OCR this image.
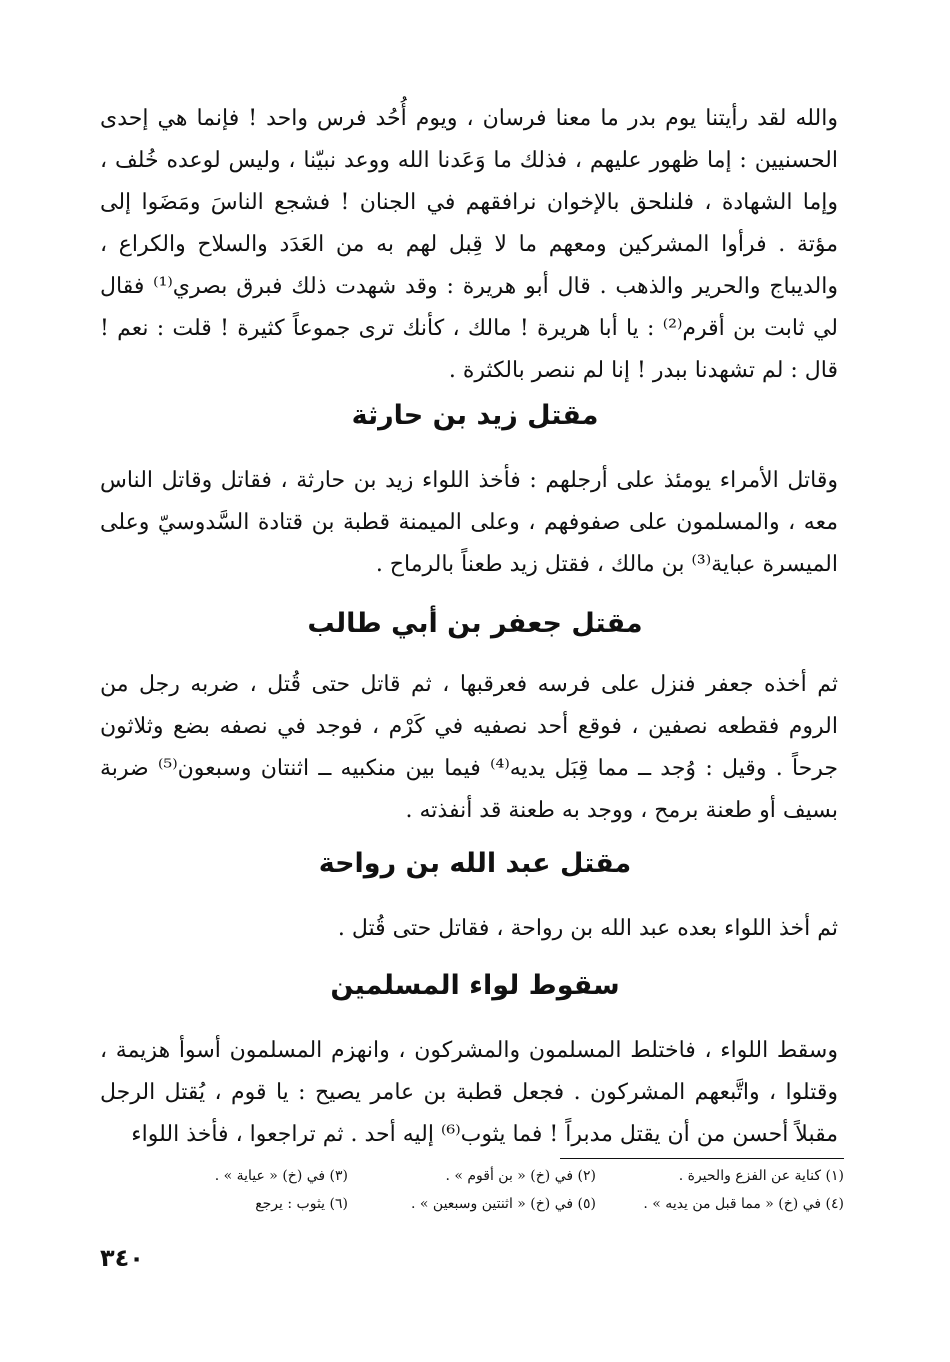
والله لقد رأيتنا يوم بدر ما معنا فرسان ، ويوم أُحُد فرس واحد ! فإنما هي إحدى الحسنيين : إما ظهور عليهم ، فذلك ما وَعَدنا الله ووعد نبيّنا ، وليس لوعده خُلف ، وإما الشهادة ، فلنلحق بالإخوان نرافقهم في الجنان ! فشجع الناسَ ومَضَوا إلى مؤتة . فرأوا المشركين ومعهم ما لا قِبل لهم به من العَدَد والسلاح والكراع ، والديباج والحرير والذهب . قال أبو هريرة : وقد شهدت ذلك فبرق بصري⁽¹⁾ فقال لي ثابت بن أقرم⁽²⁾ : يا أبا هريرة ! مالك ، كأنك ترى جموعاً كثيرة ! قلت : نعم ! قال : لم تشهدنا ببدر ! إنا لم ننصر بالكثرة .

مقتل زيد بن حارثة

وقاتل الأمراء يومئذ على أرجلهم : فأخذ اللواء زيد بن حارثة ، فقاتل وقاتل الناس معه ، والمسلمون على صفوفهم ، وعلى الميمنة قطبة بن قتادة السَّدوسيّ وعلى الميسرة عباية⁽³⁾ بن مالك ، فقتل زيد طعناً بالرماح .

مقتل جعفر بن أبي طالب

ثم أخذه جعفر فنزل على فرسه فعرقبها ، ثم قاتل حتى قُتل ، ضربه رجل من الروم فقطعه نصفين ، فوقع أحد نصفيه في كَرْم ، فوجد في نصفه بضع وثلاثون جرحاً . وقيل : وُجد ــ مما قِبَل يديه⁽⁴⁾ فيما بين منكبيه ــ اثنتان وسبعون⁽⁵⁾ ضربة بسيف أو طعنة برمح ، ووجد به طعنة قد أنفذته .

مقتل عبد الله بن رواحة

ثم أخذ اللواء بعده عبد الله بن رواحة ، فقاتل حتى قُتل .

سقوط لواء المسلمين

وسقط اللواء ، فاختلط المسلمون والمشركون ، وانهزم المسلمون أسوأ هزيمة ، وقتلوا ، واتَّبعهم المشركون . فجعل قطبة بن عامر يصيح : يا قوم ، يُقتل الرجل مقبلاً أحسن من أن يقتل مدبراً ! فما يثوب⁽⁶⁾ إليه أحد . ثم تراجعوا ، فأخذ اللواء

(١) كناية عن الفزع والحيرة .
(٢) في (خ) « بن أقوم » .
(٣) في (خ) « عياية » .
(٤) في (خ) « مما قبل من يديه » .
(٥) في (خ) « اثنتين وسبعين » .
(٦) يثوب : يرجع
٣٤٠
